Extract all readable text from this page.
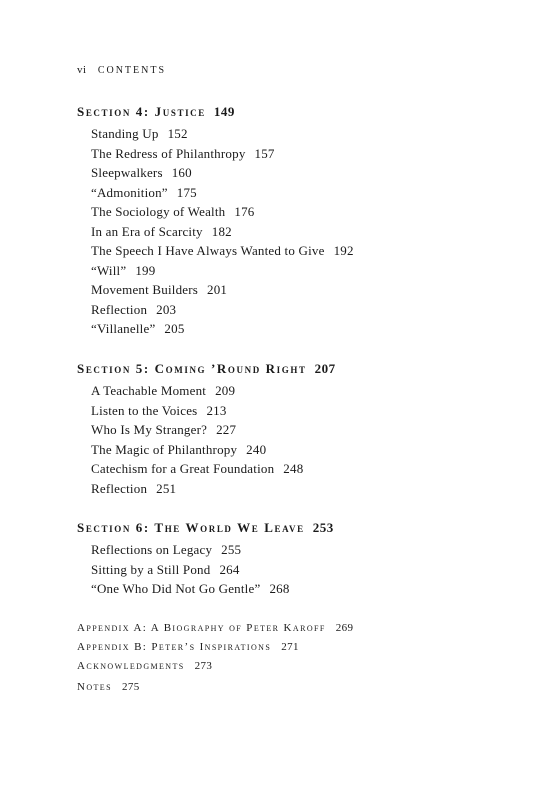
vi CONTENTS
Section 4: Justice 149
Standing Up 152
The Redress of Philanthropy 157
Sleepwalkers 160
“Admonition” 175
The Sociology of Wealth 176
In an Era of Scarcity 182
The Speech I Have Always Wanted to Give 192
“Will” 199
Movement Builders 201
Reflection 203
“Villanelle” 205
Section 5: Coming ’Round Right 207
A Teachable Moment 209
Listen to the Voices 213
Who Is My Stranger? 227
The Magic of Philanthropy 240
Catechism for a Great Foundation 248
Reflection 251
Section 6: The World We Leave 253
Reflections on Legacy 255
Sitting by a Still Pond 264
“One Who Did Not Go Gentle” 268
Appendix A: A Biography of Peter Karoff 269
Appendix B: Peter’s Inspirations 271
Acknowledgments 273
Notes 275
